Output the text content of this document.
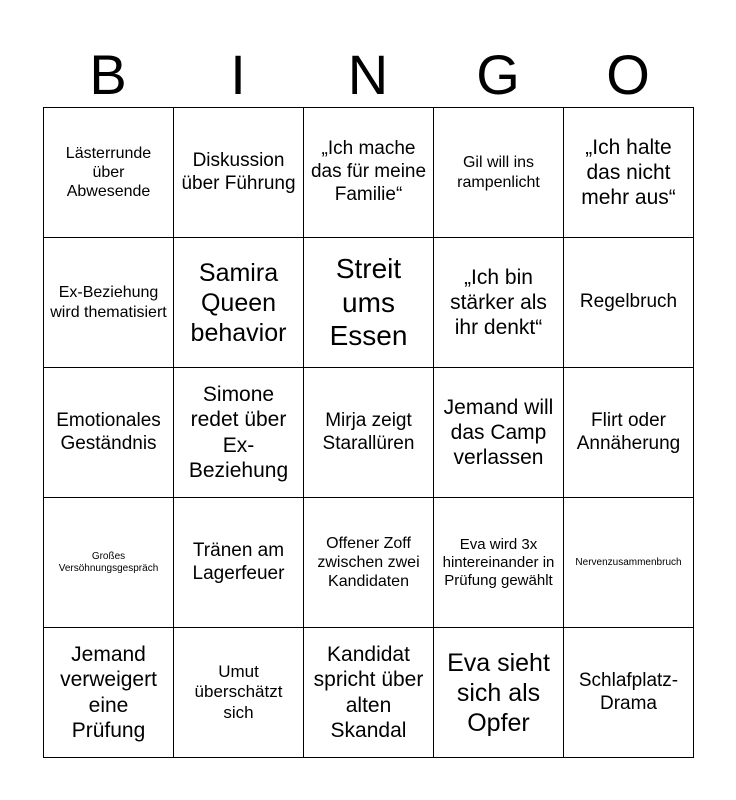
B	I	N	G	O
Lästerrunde über Abwesende	Diskussion über Führung	„Ich mache das für meine Familie“	Gil will ins rampenlicht	„Ich halte das nicht mehr aus“
Ex-Beziehung wird thematisiert	Samira Queen behavior	Streit ums Essen	„Ich bin stärker als ihr denkt“	Regelbruch
Emotionales Geständnis	Simone redet über Ex-Beziehung	Mirja zeigt Starallüren	Jemand will das Camp verlassen	Flirt oder Annäherung
Großes Versöhnungsgespräch	Tränen am Lagerfeuer	Offener Zoff zwischen zwei Kandidaten	Eva wird 3x hintereinander in Prüfung gewählt	Nervenzusammenbruch
Jemand verweigert eine Prüfung	Umut überschätzt sich	Kandidat spricht über alten Skandal	Eva sieht sich als Opfer	Schlafplatz-Drama
